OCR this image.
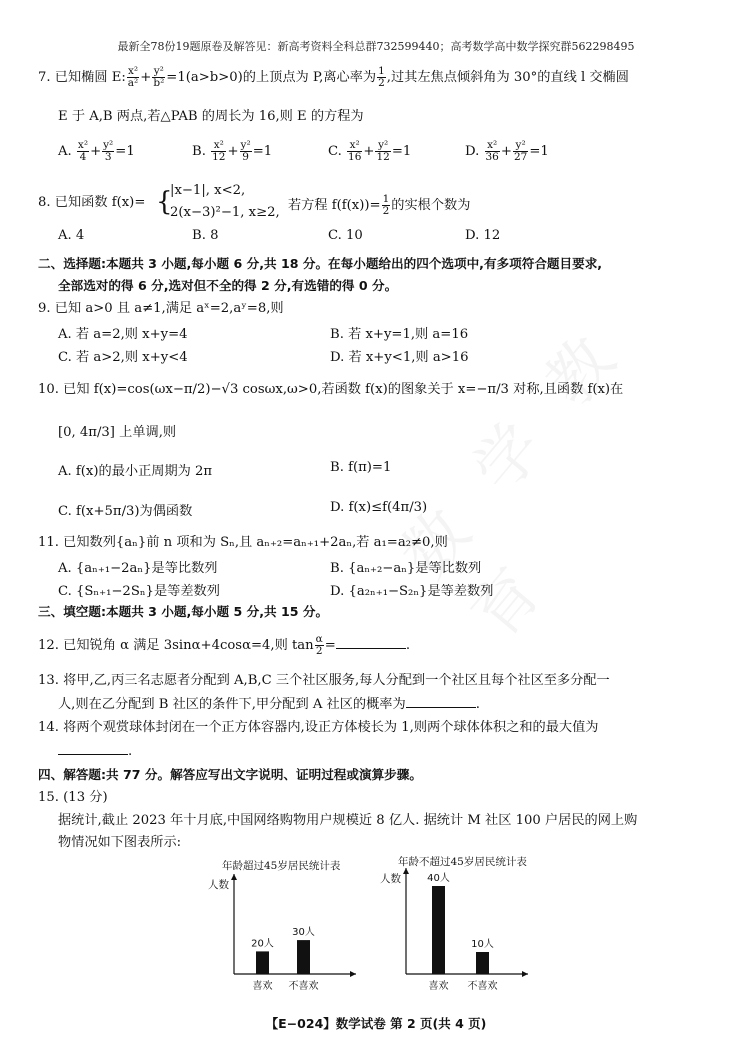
最新全78份19题原卷及解答见：新高考资料全科总群732599440；高考数学高中数学探究群562298495
7. 已知椭圆 E: $\frac{\text{x²}}{\text{a²}} + \frac{\text{y²}}{\text{b²}} =1(a>b>0)$的上顶点为 P,离心率为 $\frac{1}{2}$ ,过其左焦点倾斜角为 30°的直线 l 交椭圆
E 于 A,B 两点,若△PAB 的周长为 16,则 E 的方程为
A. $\frac{\text{x²}}{4} + \frac{\text{y²}}{3} =1$	B. $\frac{\text{x²}}{12} + \frac{\text{y²}}{9} =1$	C. $\frac{\text{x²}}{16} + \frac{\text{y²}}{12} =1$	D. $\frac{\text{x²}}{36} + \frac{\text{y²}}{27} =1$
8. 已知函数 f(x)= {
|x−1|, x<2,
2(x−3)²−1, x≥2, 若方程 $f(f(x))= \frac{1}{2}$ 的实根个数为
A. 4	B. 8	C. 10	D. 12
二、选择题:本题共 3 小题,每小题 6 分,共 18 分。在每小题给出的四个选项中,有多项符合题目要求,
全部选对的得 6 分,选对但不全的得 2 分,有选错的得 0 分。
9. 已知 a>0 且 a≠1,满足 aˣ=2,aʸ=8,则
A. 若 a=2,则 x+y=4	B. 若 x+y=1,则 a=16
C. 若 a>2,则 x+y<4	D. 若 x+y<1,则 a>16
10. 已知 f(x)=cos(ωx−π/2)−√3 cosωx,ω>0,若函数 f(x)的图象关于 x=−π/3 对称,且函数 f(x)在
[0, 4π/3] 上单调,则
A. f(x)的最小正周期为 2π	B. f(π)=1
C. f(x+5π/3)为偶函数	D. f(x)≤f(4π/3)
11. 已知数列{aₙ}前 n 项和为 Sₙ,且 aₙ₊₂=aₙ₊₁+2aₙ,若 a₁=a₂≠0,则
A. {aₙ₊₁−2aₙ}是等比数列	B. {aₙ₊₂−aₙ}是等比数列
C. {Sₙ₊₁−2Sₙ}是等差数列	D. {a₂ₙ₊₁−S₂ₙ}是等差数列
三、填空题:本题共 3 小题,每小题 5 分,共 15 分。
12. 已知锐角 α 满足 3sinα+4cosα=4,则 $\tan \frac{\alpha}{2}$ =	.
13. 将甲,乙,丙三名志愿者分配到 A,B,C 三个社区服务,每人分配到一个社区且每个社区至多分配一
人,则在乙分配到 B 社区的条件下,甲分配到 A 社区的概率为	.
14. 将两个观赏球体封闭在一个正方体容器内,设正方体棱长为 1,则两个球体体积之和的最大值为
.
四、解答题:共 77 分。解答应写出文字说明、证明过程或演算步骤。
15. (13 分)
据统计,截止 2023 年十月底,中国网络购物用户规模近 8 亿人. 据统计 M 社区 100 户居民的网上购
物情况如下图表所示:
年龄超过45岁居民统计表	年龄不超过45岁居民统计表
人数
20人
喜欢
30人
不喜欢
人数	40人
喜欢
10人
不喜欢
【E−024】数学试卷 第 2 页(共 4 页)
